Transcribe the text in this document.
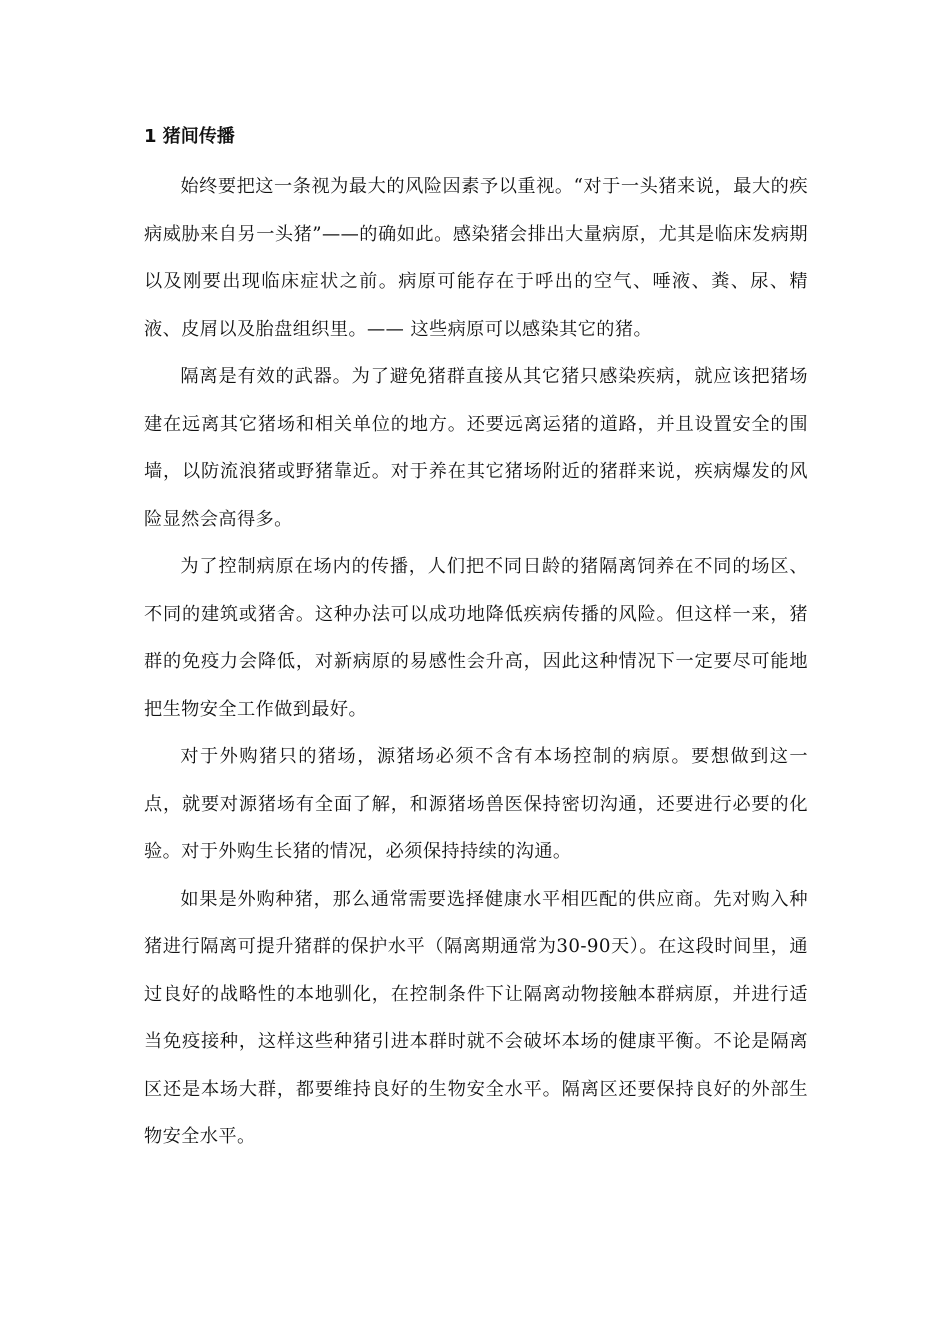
1 猪间传播

始终要把这一条视为最大的风险因素予以重视。“对于一头猪来说，最大的疾病威胁来自另一头猪”——的确如此。感染猪会排出大量病原，尤其是临床发病期以及刚要出现临床症状之前。病原可能存在于呼出的空气、唾液、粪、尿、精液、皮屑以及胎盘组织里。—— 这些病原可以感染其它的猪。

隔离是有效的武器。为了避免猪群直接从其它猪只感染疾病，就应该把猪场建在远离其它猪场和相关单位的地方。还要远离运猪的道路，并且设置安全的围墙，以防流浪猪或野猪靠近。对于养在其它猪场附近的猪群来说，疾病爆发的风险显然会高得多。

为了控制病原在场内的传播，人们把不同日龄的猪隔离饲养在不同的场区、不同的建筑或猪舍。这种办法可以成功地降低疾病传播的风险。但这样一来，猪群的免疫力会降低，对新病原的易感性会升高，因此这种情况下一定要尽可能地把生物安全工作做到最好。

对于外购猪只的猪场，源猪场必须不含有本场控制的病原。要想做到这一点，就要对源猪场有全面了解，和源猪场兽医保持密切沟通，还要进行必要的化验。对于外购生长猪的情况，必须保持持续的沟通。

如果是外购种猪，那么通常需要选择健康水平相匹配的供应商。先对购入种猪进行隔离可提升猪群的保护水平（隔离期通常为30-90天）。在这段时间里，通过良好的战略性的本地驯化，在控制条件下让隔离动物接触本群病原，并进行适当免疫接种，这样这些种猪引进本群时就不会破坏本场的健康平衡。不论是隔离区还是本场大群，都要维持良好的生物安全水平。隔离区还要保持良好的外部生物安全水平。
